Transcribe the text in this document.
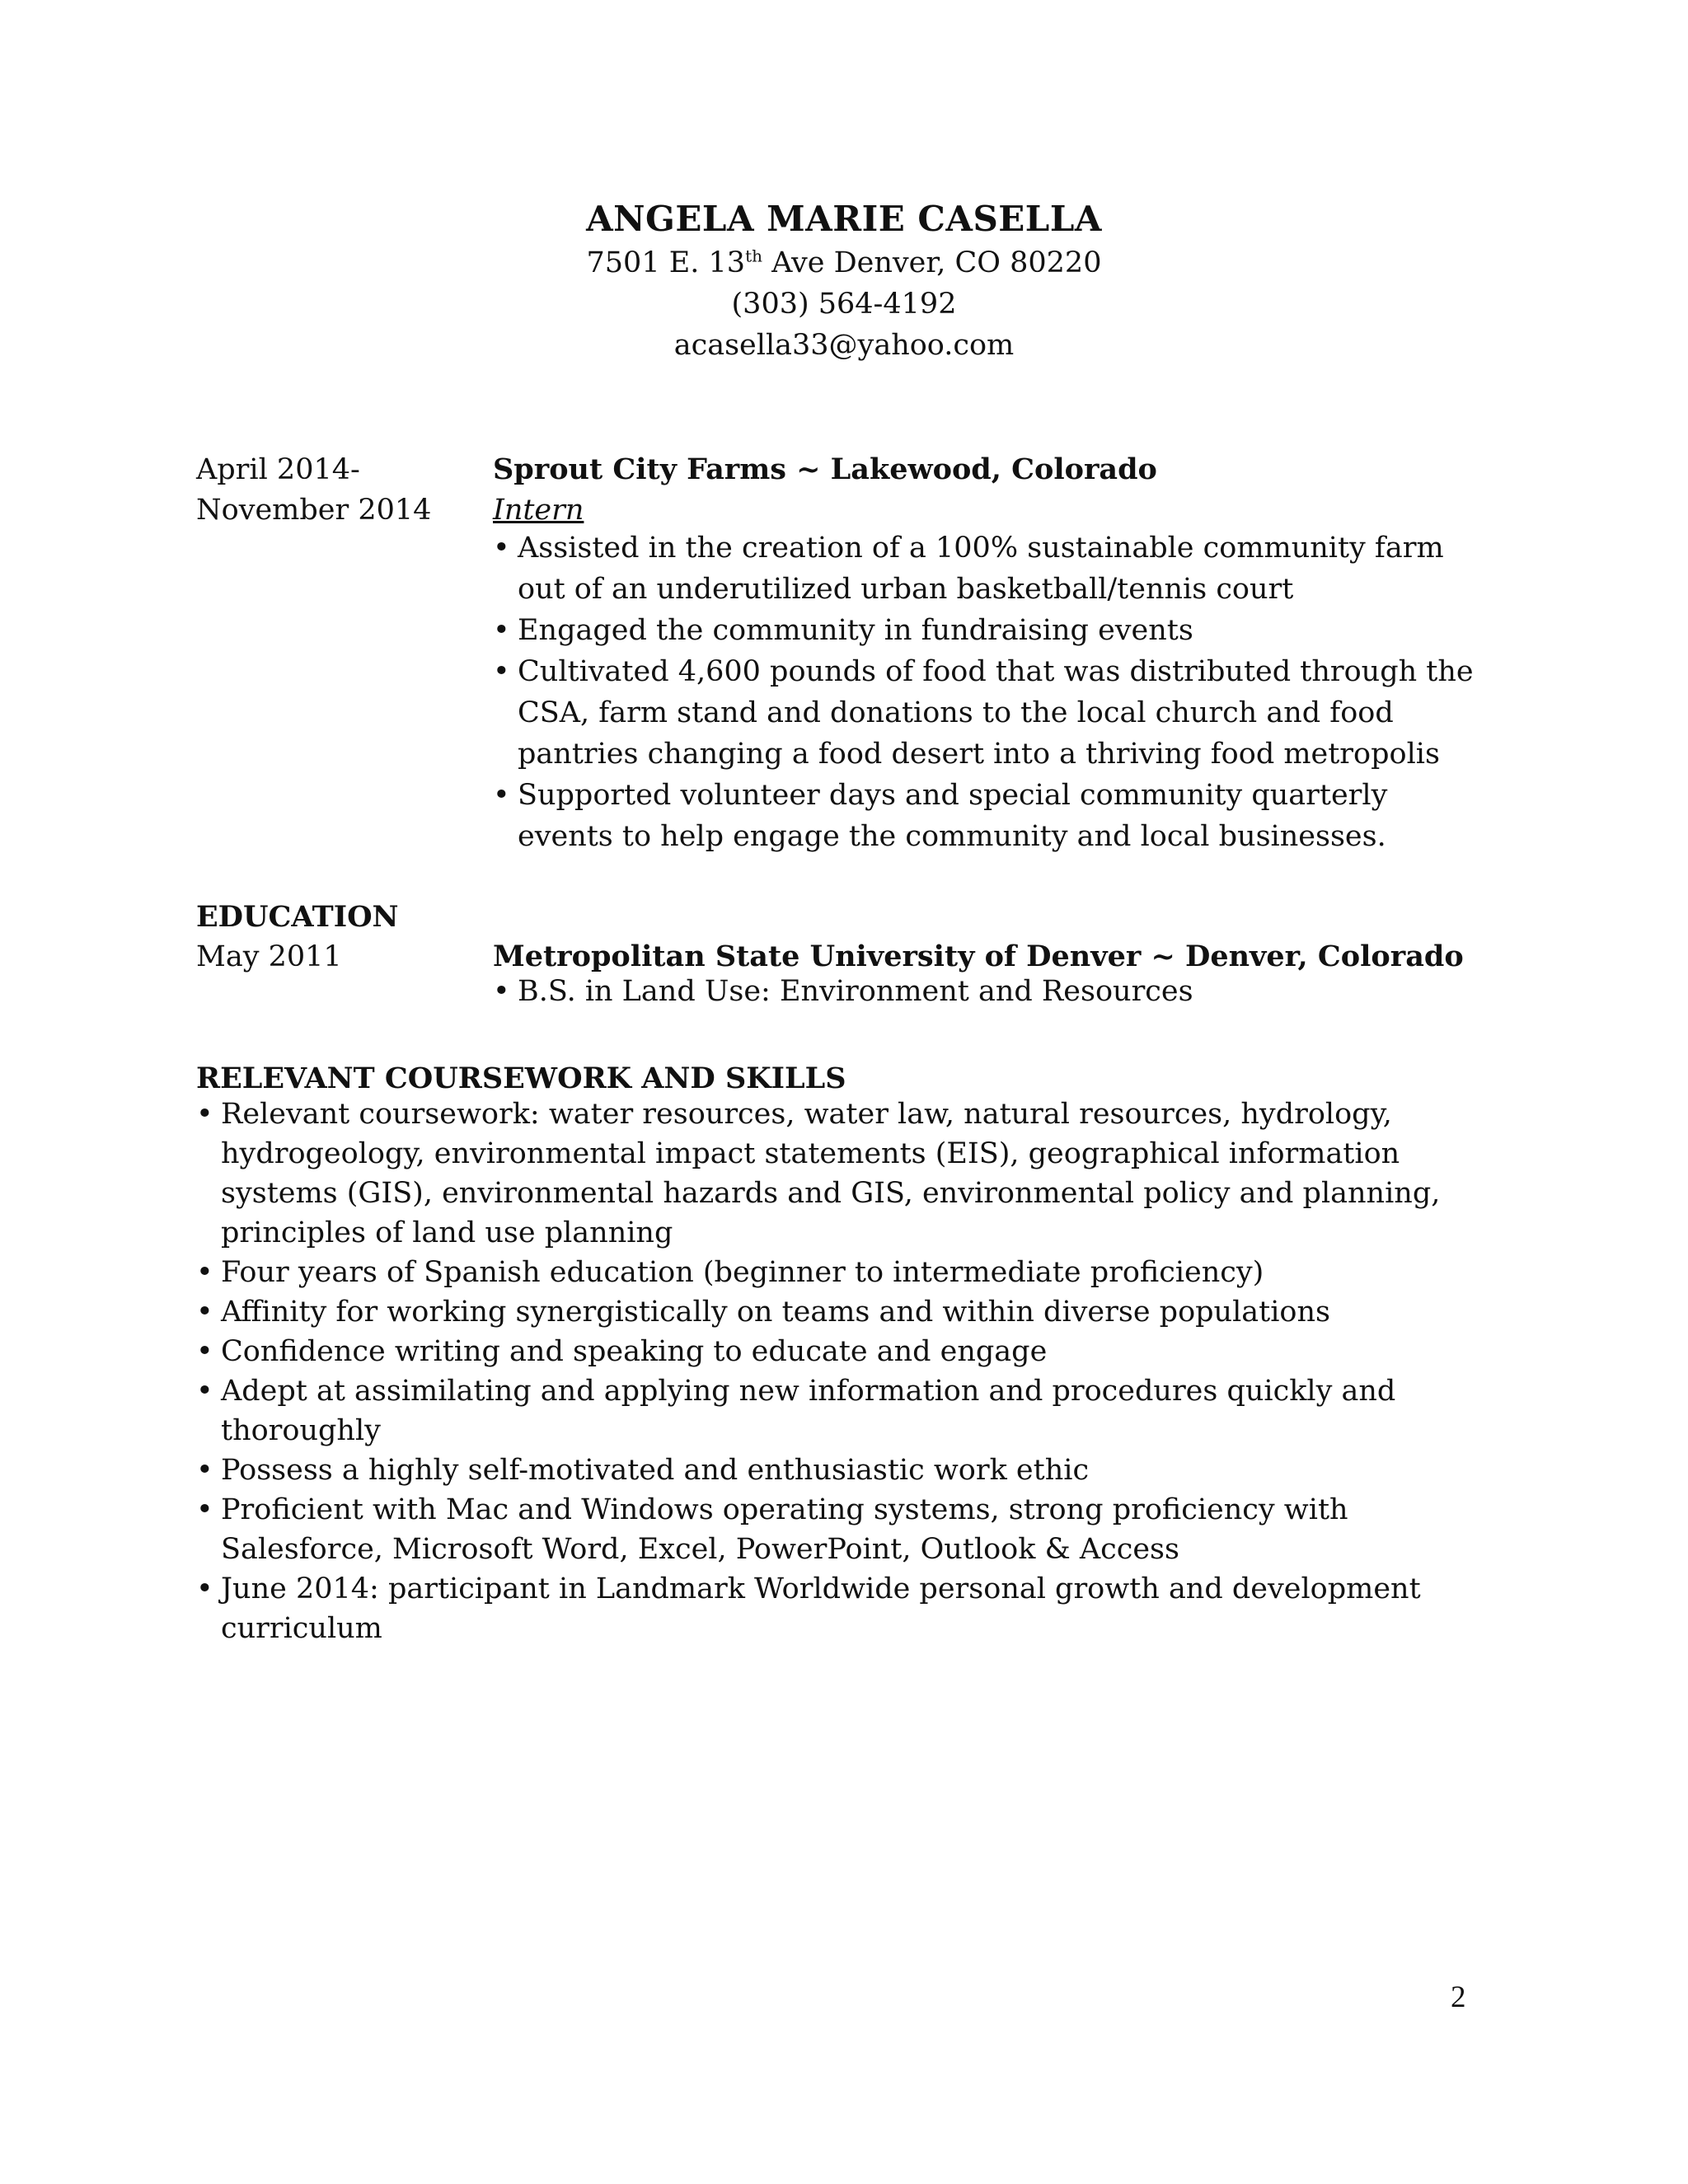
ANGELA MARIE CASELLA
7501 E. 13th Ave Denver, CO 80220
(303) 564-4192
acasella33@yahoo.com
April 2014-
November 2014
Sprout City Farms ~ Lakewood, Colorado
Intern
• Assisted in the creation of a 100% sustainable community farm out of an underutilized urban basketball/tennis court
• Engaged the community in fundraising events
• Cultivated 4,600 pounds of food that was distributed through the CSA, farm stand and donations to the local church and food pantries changing a food desert into a thriving food metropolis
• Supported volunteer days and special community quarterly events to help engage the community and local businesses.
EDUCATION
May 2011	Metropolitan State University of Denver ~ Denver, Colorado
• B.S. in Land Use: Environment and Resources
RELEVANT COURSEWORK AND SKILLS
• Relevant coursework: water resources, water law, natural resources, hydrology, hydrogeology, environmental impact statements (EIS), geographical information systems (GIS), environmental hazards and GIS, environmental policy and planning, principles of land use planning
• Four years of Spanish education (beginner to intermediate proficiency)
• Affinity for working synergistically on teams and within diverse populations
• Confidence writing and speaking to educate and engage
• Adept at assimilating and applying new information and procedures quickly and thoroughly
• Possess a highly self-motivated and enthusiastic work ethic
• Proficient with Mac and Windows operating systems, strong proficiency with Salesforce, Microsoft Word, Excel, PowerPoint, Outlook & Access
• June 2014: participant in Landmark Worldwide personal growth and development curriculum
2
